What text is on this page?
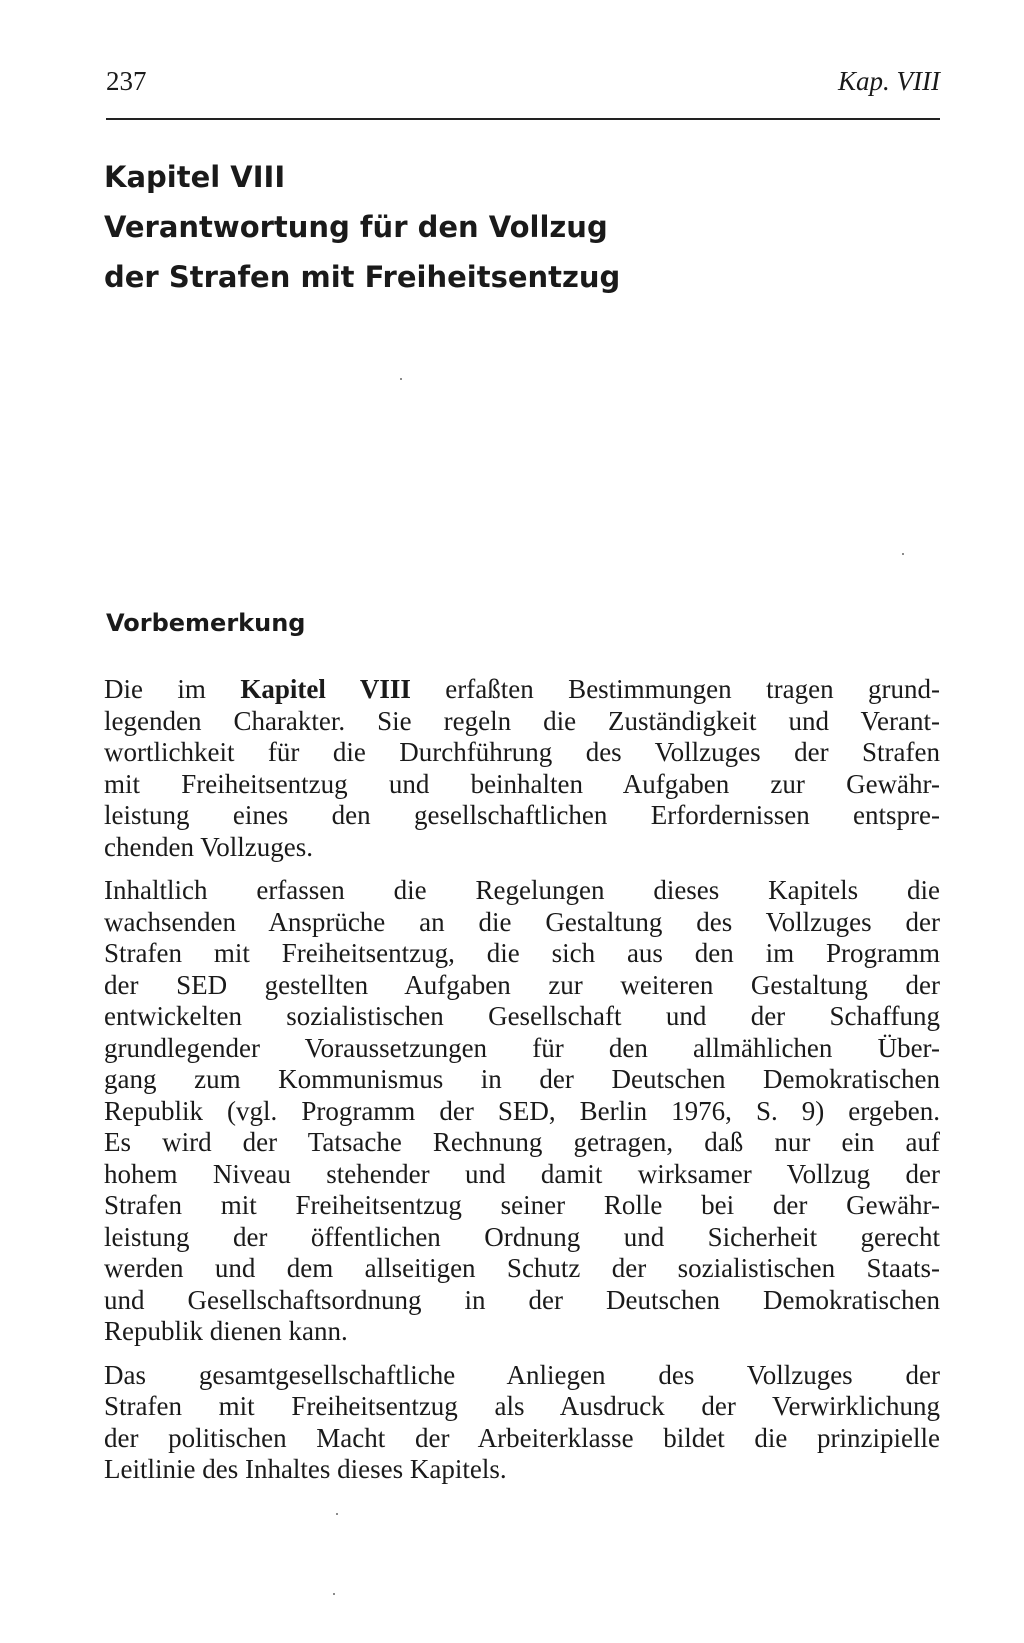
237	Kap. VIII
Kapitel VIII
Verantwortung für den Vollzug
der Strafen mit Freiheitsentzug
Vorbemerkung

Die im Kapitel VIII erfaßten Bestimmungen tragen grund-
legenden Charakter. Sie regeln die Zuständigkeit und Verant-
wortlichkeit für die Durchführung des Vollzuges der Strafen
mit Freiheitsentzug und beinhalten Aufgaben zur Gewähr-
leistung eines den gesellschaftlichen Erfordernissen entspre-
chenden Vollzuges.

Inhaltlich erfassen die Regelungen dieses Kapitels die
wachsenden Ansprüche an die Gestaltung des Vollzuges der
Strafen mit Freiheitsentzug, die sich aus den im Programm
der SED gestellten Aufgaben zur weiteren Gestaltung der
entwickelten sozialistischen Gesellschaft und der Schaffung
grundlegender Voraussetzungen für den allmählichen Über-
gang zum Kommunismus in der Deutschen Demokratischen
Republik (vgl. Programm der SED, Berlin 1976, S. 9) ergeben.
Es wird der Tatsache Rechnung getragen, daß nur ein auf
hohem Niveau stehender und damit wirksamer Vollzug der
Strafen mit Freiheitsentzug seiner Rolle bei der Gewähr-
leistung der öffentlichen Ordnung und Sicherheit gerecht
werden und dem allseitigen Schutz der sozialistischen Staats-
und Gesellschaftsordnung in der Deutschen Demokratischen
Republik dienen kann.

Das gesamtgesellschaftliche Anliegen des Vollzuges der
Strafen mit Freiheitsentzug als Ausdruck der Verwirklichung
der politischen Macht der Arbeiterklasse bildet die prinzipielle
Leitlinie des Inhaltes dieses Kapitels.
